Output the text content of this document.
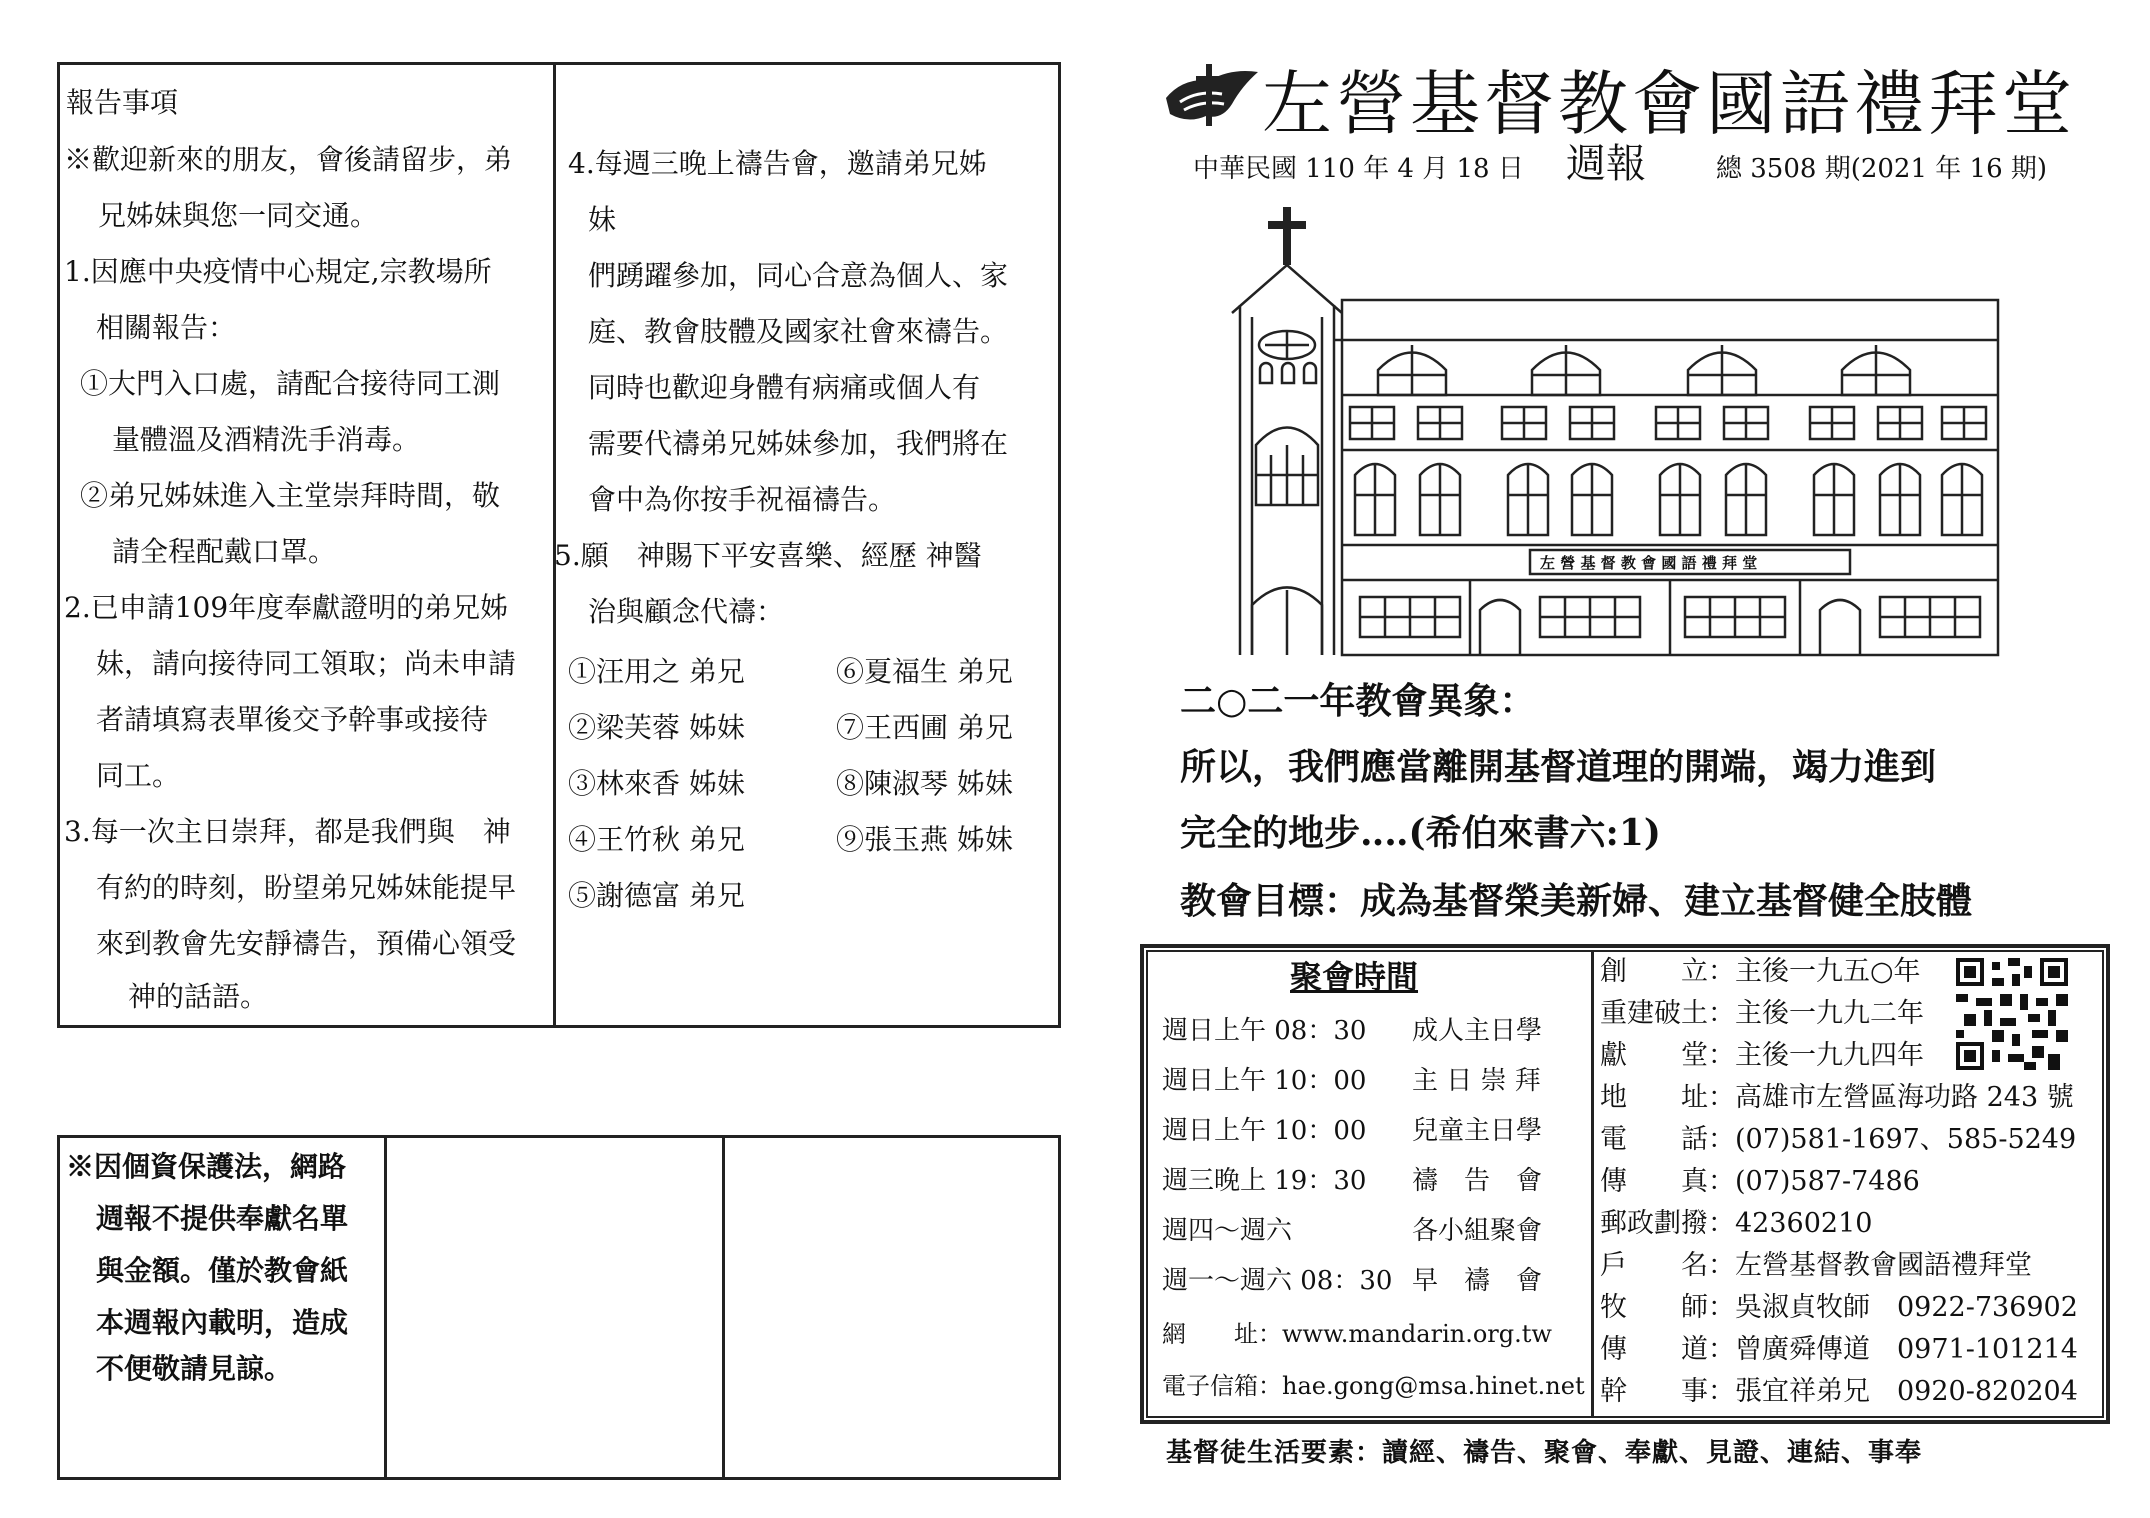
報告事項
※歡迎新來的朋友，會後請留步，弟
兄姊妹與您一同交通。
1.因應中央疫情中心規定,宗教場所
相關報告：
①大門入口處，請配合接待同工測
量體溫及酒精洗手消毒。
②弟兄姊妹進入主堂崇拜時間，敬
請全程配戴口罩。
2.已申請109年度奉獻證明的弟兄姊
妹，請向接待同工領取；尚未申請
者請填寫表單後交予幹事或接待
同工。
3.每一次主日崇拜，都是我們與　神
有約的時刻，盼望弟兄姊妹能提早
來到教會先安靜禱告，預備心領受
神的話語。
4.每週三晚上禱告會，邀請弟兄姊
妹
們踴躍參加，同心合意為個人、家
庭、教會肢體及國家社會來禱告。
同時也歡迎身體有病痛或個人有
需要代禱弟兄姊妹參加，我們將在
會中為你按手祝福禱告。
5.願　神賜下平安喜樂、經歷 神醫
治與顧念代禱：
①汪用之 弟兄	⑥夏福生 弟兄
②梁芙蓉 姊妹	⑦王西圃 弟兄
③林來香 姊妹	⑧陳淑琴 姊妹
④王竹秋 弟兄	⑨張玉燕 姊妹
⑤謝德富 弟兄
※因個資保護法，網路
週報不提供奉獻名單
與金額。僅於教會紙
本週報內載明，造成
不便敬請見諒。
左營基督教會國語禮拜堂
中華民國 110 年 4 月 18 日 週報	總 3508 期(2021 年 16 期)
左 營 基 督 教 會 國 語 禮 拜 堂
二○二一年教會異象：
所以，我們應當離開基督道理的開端，竭力進到
完全的地步‥‥(希伯來書六:1)
教會目標：成為基督榮美新婦、建立基督健全肢體
聚會時間
週日上午 08：30 成人主日學
週日上午 10：00 主 日 崇 拜
週日上午 10：00 兒童主日學
週三晚上 19：30 禱　告　會
週四～週六	各小組聚會
週一～週六 08：30 早　禱　會
網　　址：www.mandarin.org.tw
電子信箱：hae.gong@msa.hinet.net
創　　立：主後一九五○年
重建破土：主後一九九二年
獻　　堂：主後一九九四年
地　　址：高雄市左營區海功路 243 號
電　　話：(07)581-1697、585-5249
傳　　真：(07)587-7486
郵政劃撥：42360210
戶　　名：左營基督教會國語禮拜堂
牧　　師：吳淑貞牧師　0922-736902
傳　　道：曾廣舜傳道　0971-101214
幹　　事：張宜祥弟兄　0920-820204
基督徒生活要素：讀經、禱告、聚會、奉獻、見證、連結、事奉
